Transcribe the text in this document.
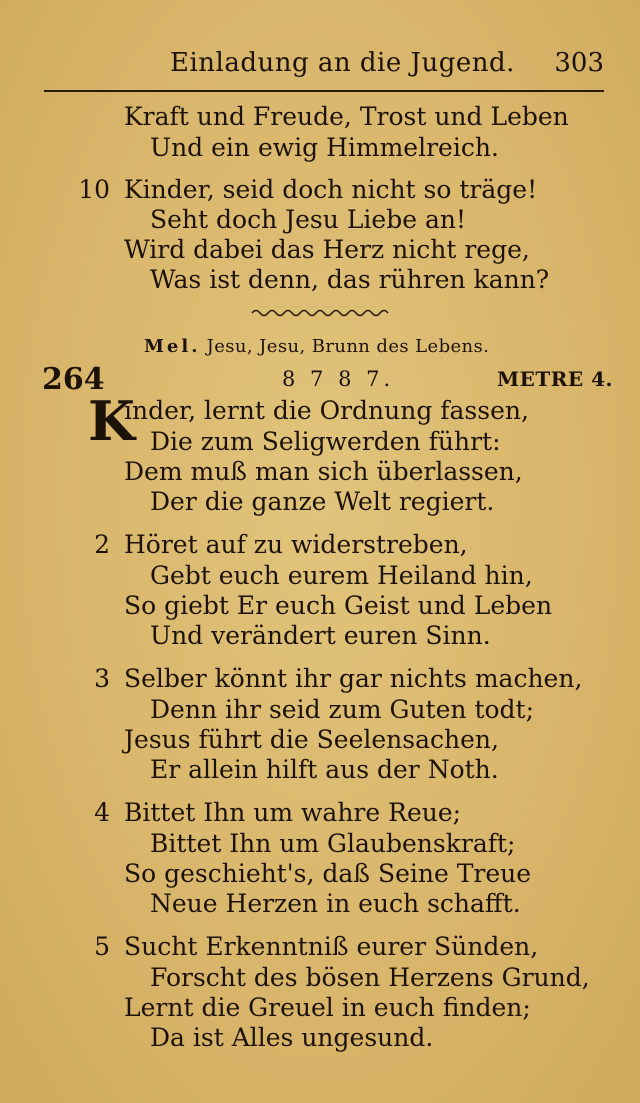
Einladung an die Jugend. 303
Kraft und Freude, Trost und Leben
Und ein ewig Himmelreich.
10 Kinder, seid doch nicht so träge!
Seht doch Jesu Liebe an!
Wird dabei das Herz nicht rege,
Was ist denn, das rühren kann?
Mel. Jesu, Jesu, Brunn des Lebens.
264	8 7 8 7.	METRE 4.
K
inder, lernt die Ordnung fassen,
Die zum Seligwerden führt:
Dem muß man sich überlassen,
Der die ganze Welt regiert.
2 Höret auf zu widerstreben,
Gebt euch eurem Heiland hin,
So giebt Er euch Geist und Leben
Und verändert euren Sinn.
3 Selber könnt ihr gar nichts machen,
Denn ihr seid zum Guten todt;
Jesus führt die Seelensachen,
Er allein hilft aus der Noth.
4 Bittet Ihn um wahre Reue;
Bittet Ihn um Glaubenskraft;
So geschieht's, daß Seine Treue
Neue Herzen in euch schafft.
5 Sucht Erkenntniß eurer Sünden,
Forscht des bösen Herzens Grund,
Lernt die Greuel in euch finden;
Da ist Alles ungesund.
